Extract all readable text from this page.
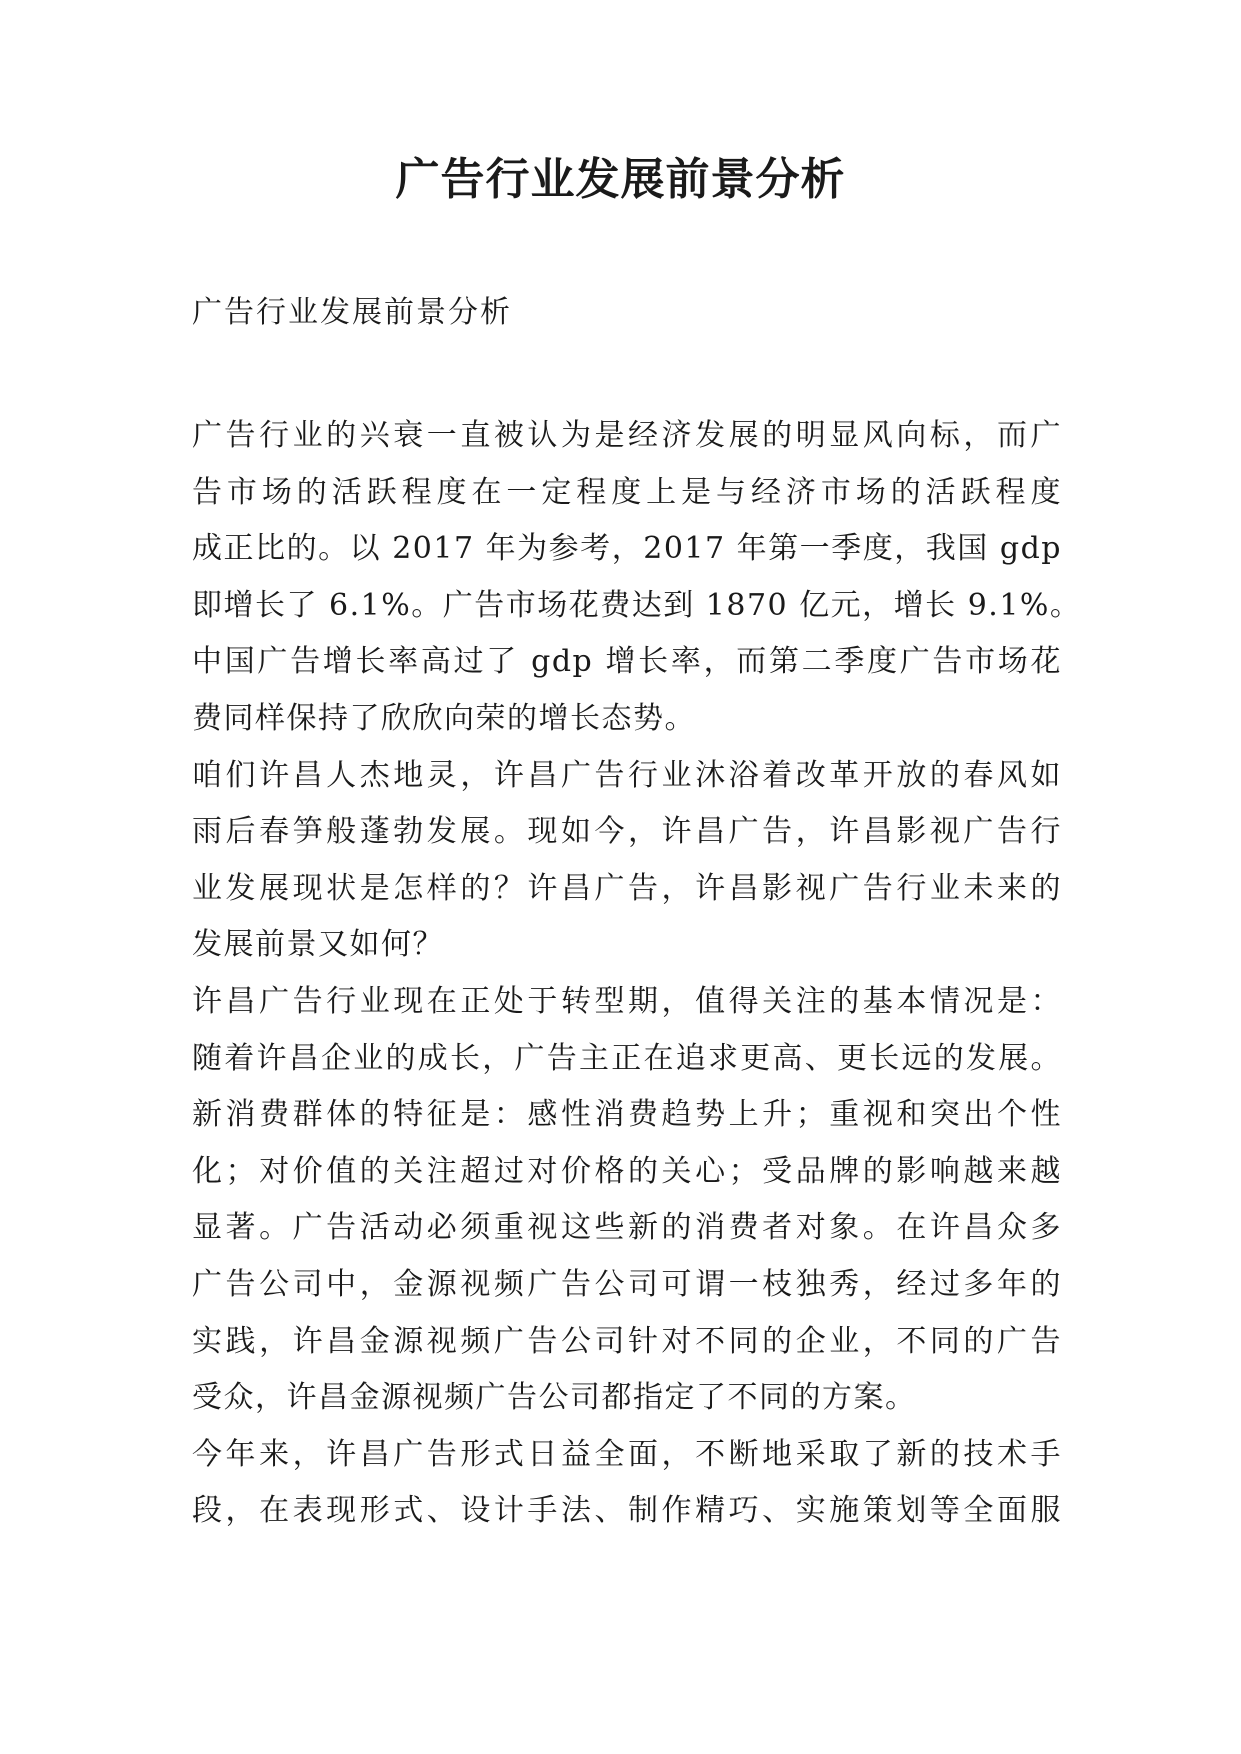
广告行业发展前景分析

广告行业发展前景分析

广告行业的兴衰一直被认为是经济发展的明显风向标，而广
告市场的活跃程度在一定程度上是与经济市场的活跃程度
成正比的。以 2017 年为参考，2017 年第一季度，我国 gdp
即增长了 6.1%。广告市场花费达到 1870 亿元，增长 9.1%。
中国广告增长率高过了 gdp 增长率，而第二季度广告市场花
费同样保持了欣欣向荣的增长态势。
咱们许昌人杰地灵，许昌广告行业沐浴着改革开放的春风如
雨后春笋般蓬勃发展。现如今，许昌广告，许昌影视广告行
业发展现状是怎样的？许昌广告，许昌影视广告行业未来的
发展前景又如何？
许昌广告行业现在正处于转型期，值得关注的基本情况是：
随着许昌企业的成长，广告主正在追求更高、更长远的发展。
新消费群体的特征是：感性消费趋势上升；重视和突出个性
化；对价值的关注超过对价格的关心；受品牌的影响越来越
显著。广告活动必须重视这些新的消费者对象。在许昌众多
广告公司中，金源视频广告公司可谓一枝独秀，经过多年的
实践，许昌金源视频广告公司针对不同的企业，不同的广告
受众，许昌金源视频广告公司都指定了不同的方案。
今年来，许昌广告形式日益全面，不断地采取了新的技术手
段，在表现形式、设计手法、制作精巧、实施策划等全面服
